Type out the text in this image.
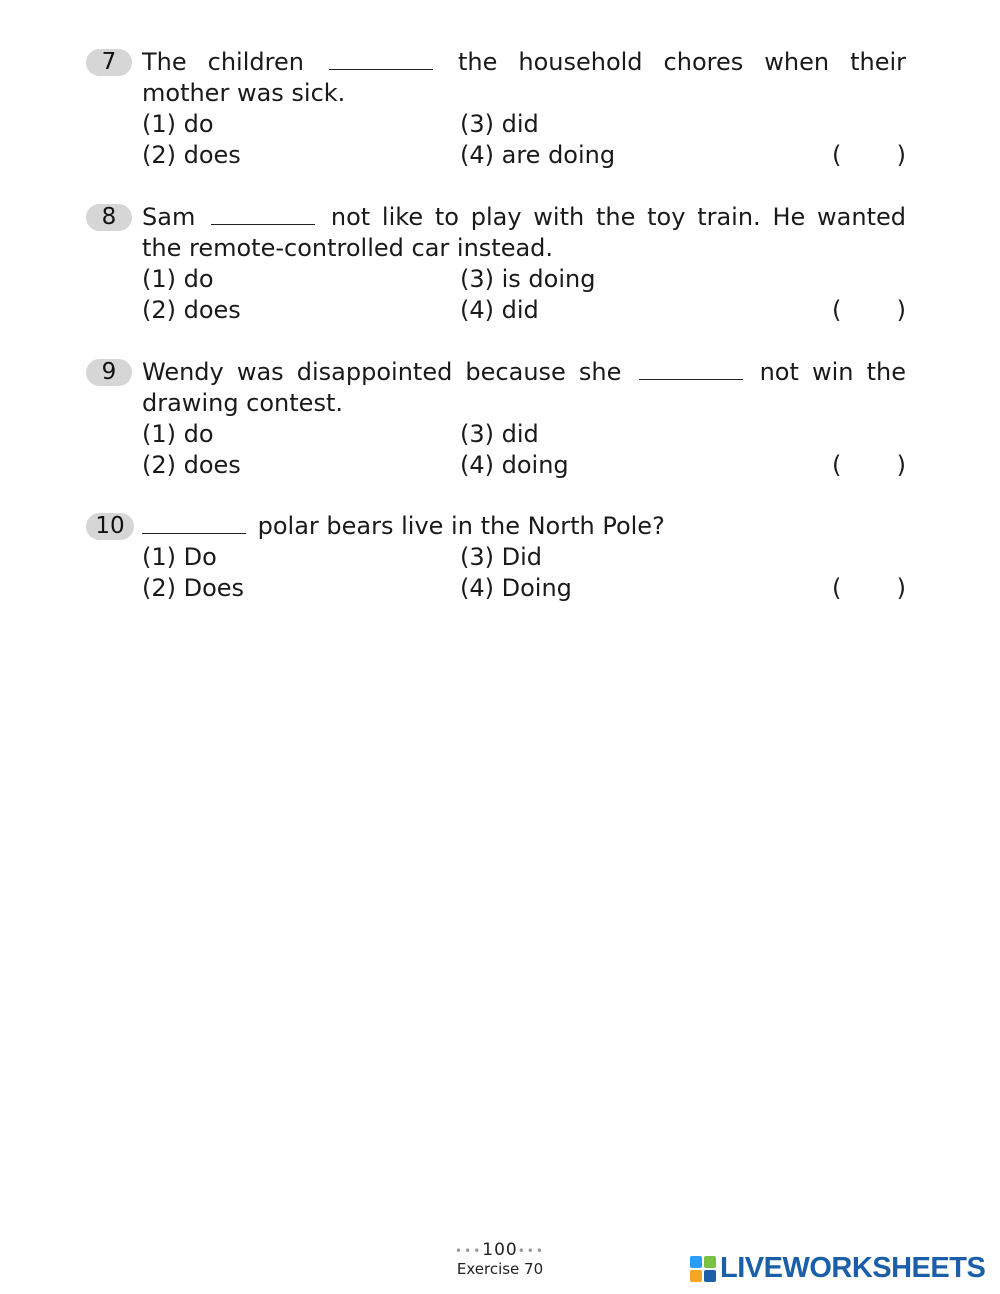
7	The children	the household chores when their mother was sick.
(1) do	(3) did
(2) does	(4) are doing	( )
8	Sam	not like to play with the toy train. He wanted the remote-controlled car instead.
(1) do	(3) is doing
(2) does	(4) did	( )
9	Wendy was disappointed because she	not win the drawing contest.
(1) do	(3) did
(2) does	(4) doing	( )
10	polar bears live in the North Pole?
(1) Do	(3) Did
(2) Does	(4) Doing	( )
•••100•••
Exercise 70	LIVEWORKSHEETS
